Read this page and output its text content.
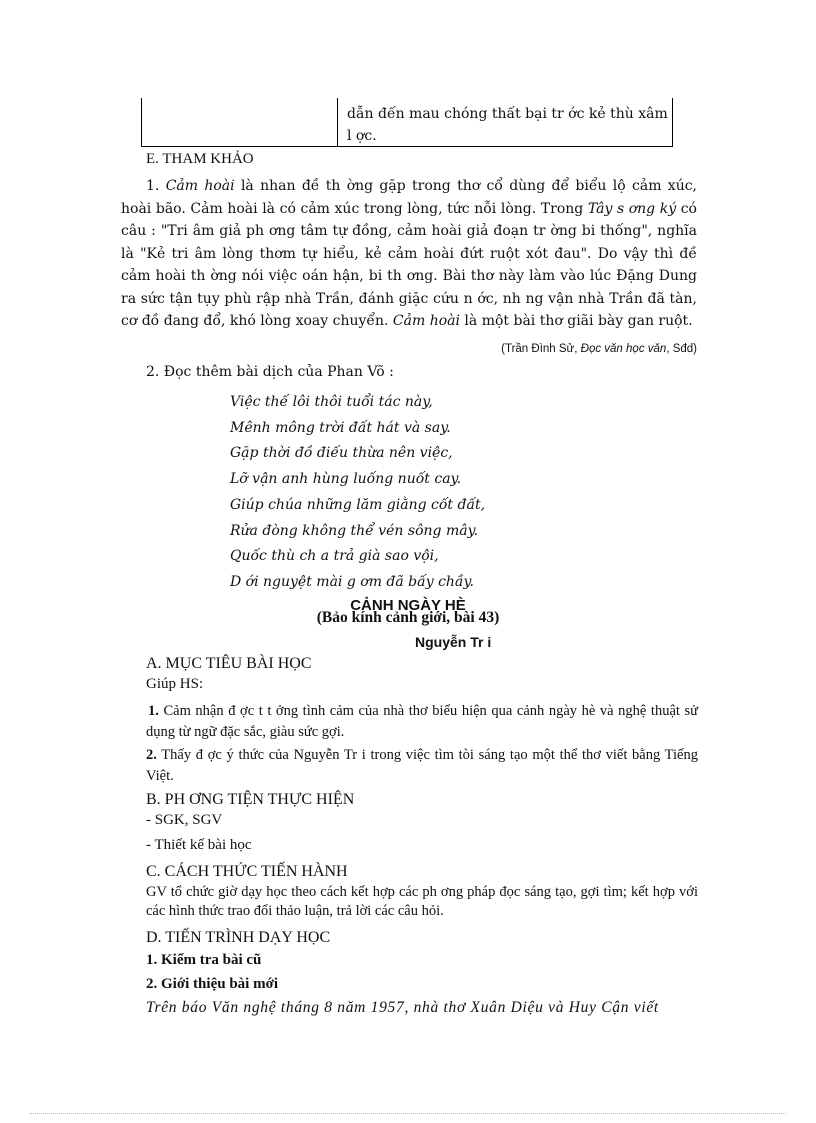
dẫn đến mau chóng thất bại tr ớc kẻ thù xâm
l ợc.
E. THAM KHẢO
1. Cảm hoài là nhan đề th ờng gặp trong thơ cổ dùng để biểu lộ cảm xúc, hoài bão. Cảm hoài là có cảm xúc trong lòng, tức nỗi lòng. Trong Tây s ơng ký có câu : "Tri âm giả ph ơng tâm tự đồng, cảm hoài giả đoạn tr ờng bi thống", nghĩa là "Kẻ tri âm lòng thơm tự hiểu, kẻ cảm hoài đứt ruột xót đau". Do vậy thì đề cảm hoài th ờng nói việc oán hận, bi th ơng. Bài thơ này làm vào lúc Đặng Dung ra sức tận tụy phù rập nhà Trần, đánh giặc cứu n ớc, nh ng vận nhà Trần đã tàn, cơ đồ đang đổ, khó lòng xoay chuyển. Cảm hoài là một bài thơ giãi bày gan ruột.
(Trần Đình Sử, Đọc văn học văn, Sđd)
2. Đọc thêm bài dịch của Phan Võ :
Việc thế lôi thôi tuổi tác này,
Mênh mông trời đất hát và say.
Gặp thời đồ điếu thừa nên việc,
Lỡ vận anh hùng luống nuốt cay.
Giúp chúa những lăm giằng cốt đất,
Rửa đòng không thể vén sông mây.
Quốc thù ch a trả già sao vội,
D ới nguyệt mài g ơm đã bấy chầy.
CẢNH NGÀY HÈ
(Bảo kính cảnh giới, bài 43)
Nguyễn Tr i
A. MỤC TIÊU BÀI HỌC
Giúp HS:
1. Cảm nhận đ ợc t t ởng tình cảm của nhà thơ biểu hiện qua cảnh ngày hè và nghệ thuật sử dụng từ ngữ đặc sắc, giàu sức gợi.
2. Thấy đ ợc ý thức của Nguyễn Tr i trong việc tìm tòi sáng tạo một thể thơ viết bằng Tiếng Việt.
B. PH ƠNG TIỆN THỰC HIỆN
- SGK, SGV
- Thiết kế bài học
C. CÁCH THỨC TIẾN HÀNH
GV tổ chức giờ dạy học theo cách kết hợp các ph ơng pháp đọc sáng tạo, gợi tìm; kết hợp với các hình thức trao đổi thảo luận, trả lời các câu hỏi.
D. TIẾN TRÌNH DẠY HỌC
1. Kiểm tra bài cũ
2. Giới thiệu bài mới
Trên báo Văn nghệ tháng 8 năm 1957, nhà thơ Xuân Diệu và Huy Cận viết
